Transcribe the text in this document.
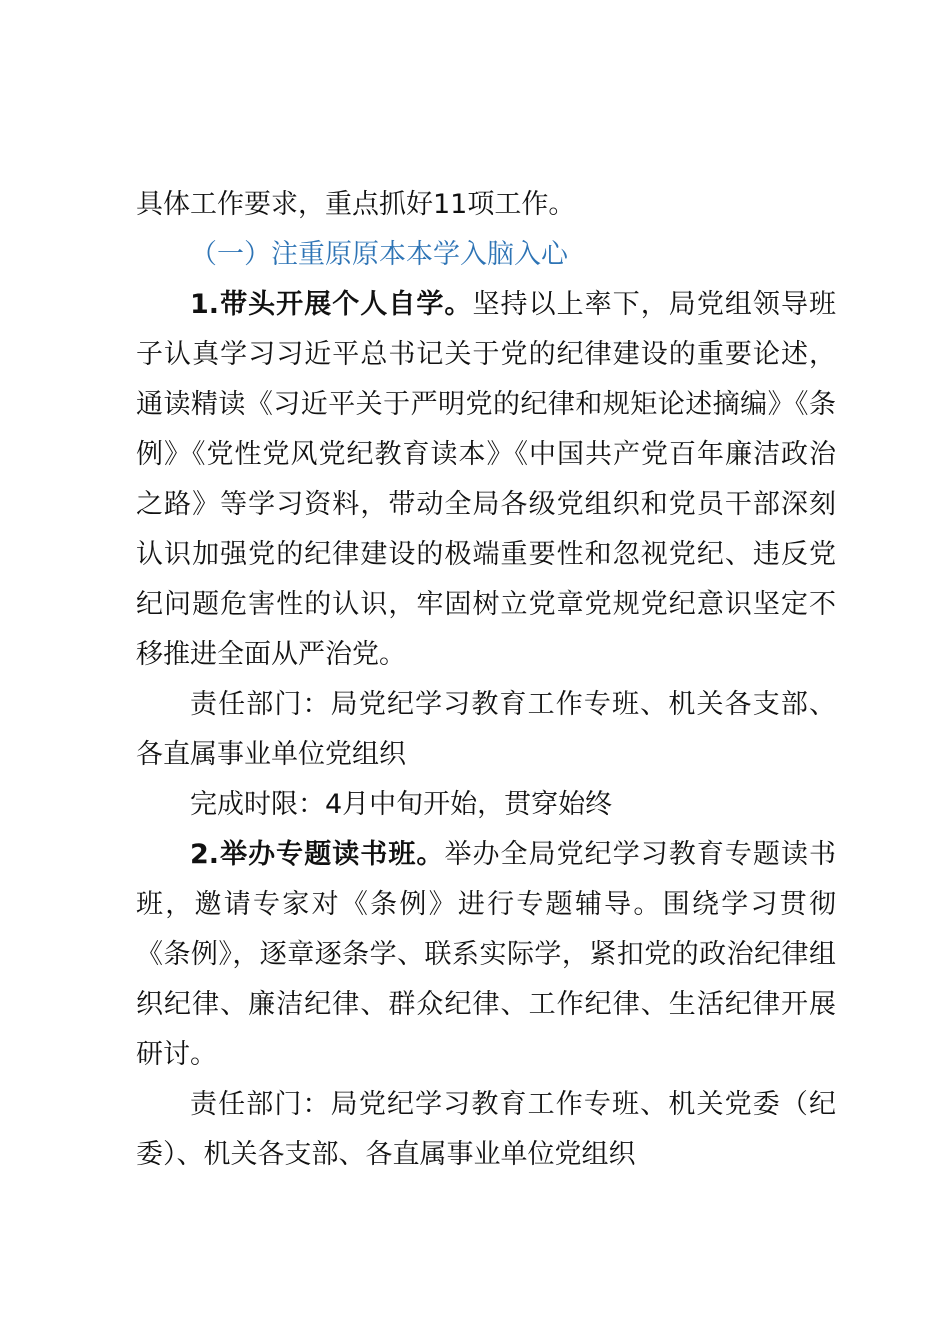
具体工作要求，重点抓好11项工作。

（一）注重原原本本学入脑入心

1.带头开展个人自学。坚持以上率下，局党组领导班子认真学习习近平总书记关于党的纪律建设的重要论述，通读精读《习近平关于严明党的纪律和规矩论述摘编》《条例》《党性党风党纪教育读本》《中国共产党百年廉洁政治之路》等学习资料，带动全局各级党组织和党员干部深刻认识加强党的纪律建设的极端重要性和忽视党纪、违反党纪问题危害性的认识，牢固树立党章党规党纪意识坚定不移推进全面从严治党。

责任部门：局党纪学习教育工作专班、机关各支部、各直属事业单位党组织

完成时限：4月中旬开始，贯穿始终

2.举办专题读书班。举办全局党纪学习教育专题读书班，邀请专家对《条例》进行专题辅导。围绕学习贯彻《条例》，逐章逐条学、联系实际学，紧扣党的政治纪律组织纪律、廉洁纪律、群众纪律、工作纪律、生活纪律开展研讨。

责任部门：局党纪学习教育工作专班、机关党委（纪委）、机关各支部、各直属事业单位党组织
